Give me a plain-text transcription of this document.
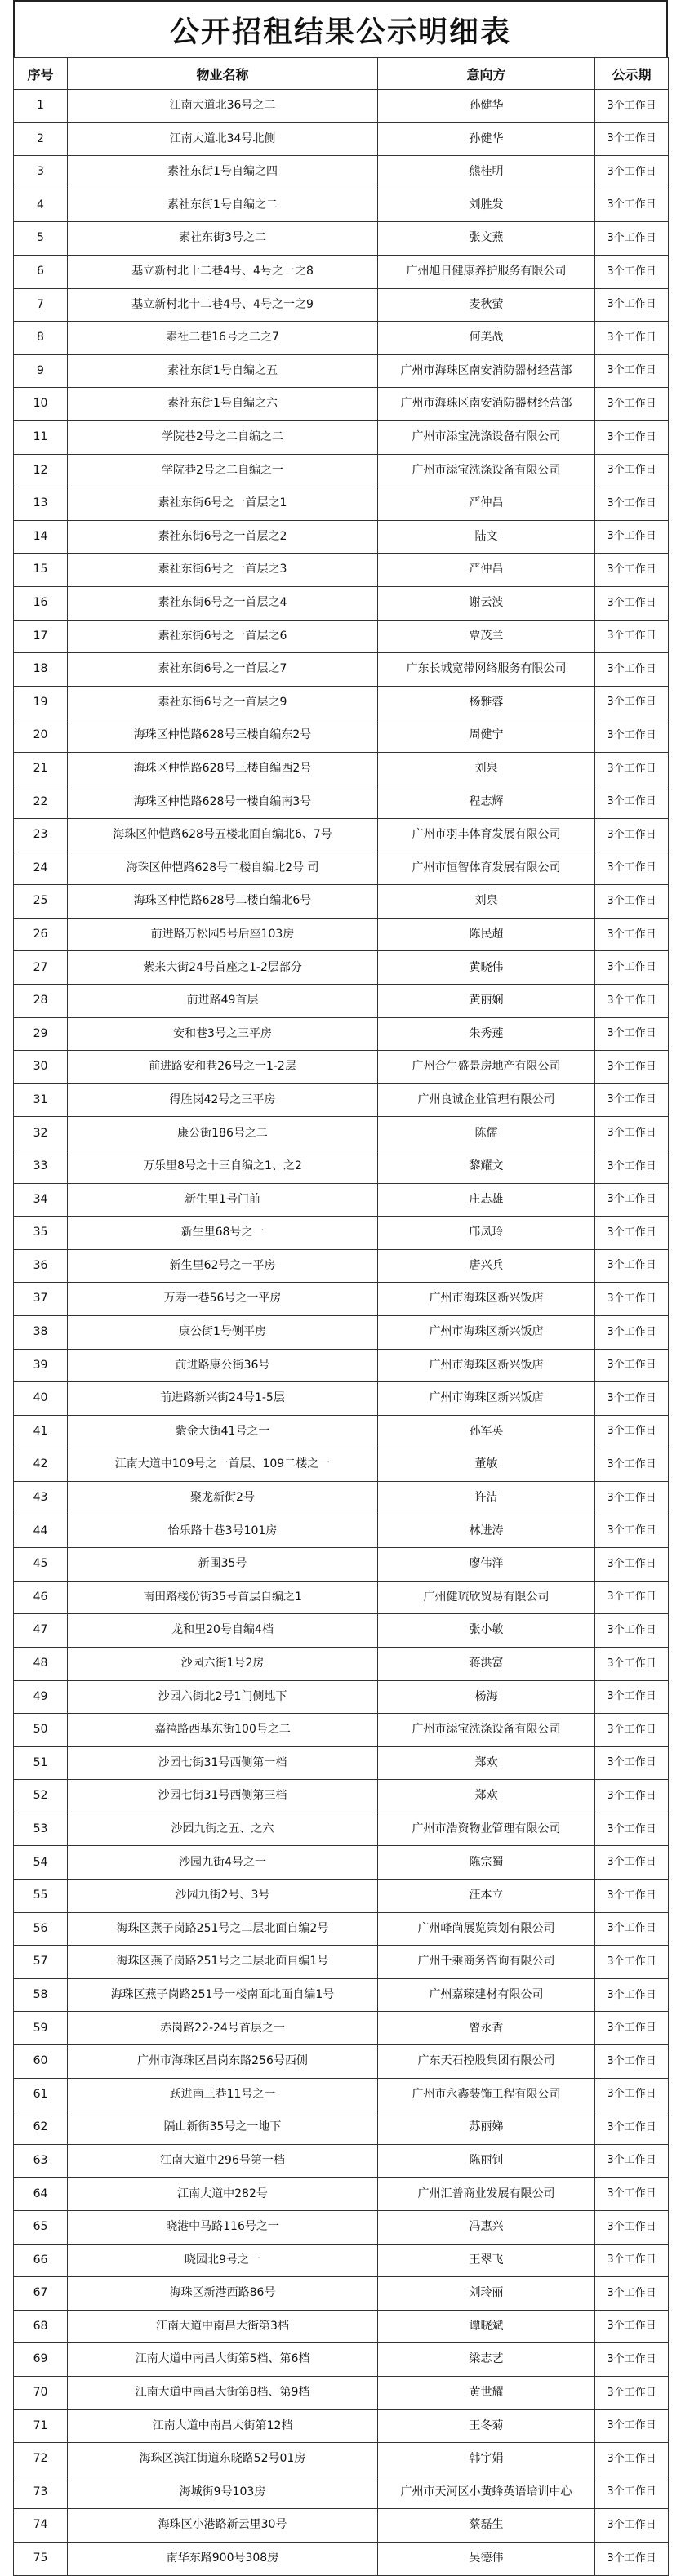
公开招租结果公示明细表
序号	物业名称	意向方	公示期
1	江南大道北36号之二	孙健华	3个工作日
2	江南大道北34号北侧	孙健华	3个工作日
3	素社东街1号自编之四	熊桂明	3个工作日
4	素社东街1号自编之二	刘胜发	3个工作日
5	素社东街3号之二	张文燕	3个工作日
6	基立新村北十二巷4号、4号之一之8	广州旭日健康养护服务有限公司	3个工作日
7	基立新村北十二巷4号、4号之一之9	麦秋萤	3个工作日
8	素社二巷16号之二之7	何美战	3个工作日
9	素社东街1号自编之五	广州市海珠区南安消防器材经营部	3个工作日
10	素社东街1号自编之六	广州市海珠区南安消防器材经营部	3个工作日
11	学院巷2号之二自编之二	广州市添宝洗涤设备有限公司	3个工作日
12	学院巷2号之二自编之一	广州市添宝洗涤设备有限公司	3个工作日
13	素社东街6号之一首层之1	严仲昌	3个工作日
14	素社东街6号之一首层之2	陆文	3个工作日
15	素社东街6号之一首层之3	严仲昌	3个工作日
16	素社东街6号之一首层之4	谢云波	3个工作日
17	素社东街6号之一首层之6	覃茂兰	3个工作日
18	素社东街6号之一首层之7	广东长城宽带网络服务有限公司	3个工作日
19	素社东街6号之一首层之9	杨雅蓉	3个工作日
20	海珠区仲恺路628号三楼自编东2号	周健宁	3个工作日
21	海珠区仲恺路628号三楼自编西2号	刘泉	3个工作日
22	海珠区仲恺路628号一楼自编南3号	程志辉	3个工作日
23	海珠区仲恺路628号五楼北面自编北6、7号	广州市羽丰体育发展有限公司	3个工作日
24	海珠区仲恺路628号二楼自编北2号 司	广州市恒智体育发展有限公司	3个工作日
25	海珠区仲恺路628号二楼自编北6号	刘泉	3个工作日
26	前进路万松园5号后座103房	陈民超	3个工作日
27	紫来大街24号首座之1-2层部分	黄晓伟	3个工作日
28	前进路49首层	黄丽娴	3个工作日
29	安和巷3号之三平房	朱秀莲	3个工作日
30	前进路安和巷26号之一1-2层	广州合生盛景房地产有限公司	3个工作日
31	得胜岗42号之三平房	广州良诚企业管理有限公司	3个工作日
32	康公街186号之二	陈儒	3个工作日
33	万乐里8号之十三自编之1、之2	黎耀文	3个工作日
34	新生里1号门前	庄志雄	3个工作日
35	新生里68号之一	邝凤玲	3个工作日
36	新生里62号之一平房	唐兴兵	3个工作日
37	万寿一巷56号之一平房	广州市海珠区新兴饭店	3个工作日
38	康公街1号侧平房	广州市海珠区新兴饭店	3个工作日
39	前进路康公街36号	广州市海珠区新兴饭店	3个工作日
40	前进路新兴街24号1-5层	广州市海珠区新兴饭店	3个工作日
41	紫金大街41号之一	孙军英	3个工作日
42	江南大道中109号之一首层、109二楼之一	董敏	3个工作日
43	聚龙新街2号	许洁	3个工作日
44	怡乐路十巷3号101房	林进涛	3个工作日
45	新围35号	廖伟洋	3个工作日
46	南田路楼份街35号首层自编之1	广州健琉欣贸易有限公司	3个工作日
47	龙和里20号自编4档	张小敏	3个工作日
48	沙园六街1号2房	蒋洪富	3个工作日
49	沙园六街北2号1门侧地下	杨海	3个工作日
50	嘉禧路西基东街100号之二	广州市添宝洗涤设备有限公司	3个工作日
51	沙园七街31号西侧第一档	郑欢	3个工作日
52	沙园七街31号西侧第三档	郑欢	3个工作日
53	沙园九街之五、之六	广州市浩资物业管理有限公司	3个工作日
54	沙园九街4号之一	陈宗蜀	3个工作日
55	沙园九街2号、3号	汪本立	3个工作日
56	海珠区燕子岗路251号之二层北面自编2号	广州峰尚展览策划有限公司	3个工作日
57	海珠区燕子岗路251号之二层北面自编1号	广州千乘商务咨询有限公司	3个工作日
58	海珠区燕子岗路251号一楼南面北面自编1号	广州嘉臻建材有限公司	3个工作日
59	赤岗路22-24号首层之一	曾永香	3个工作日
60	广州市海珠区昌岗东路256号西侧	广东天石控股集团有限公司	3个工作日
61	跃进南三巷11号之一	广州市永鑫装饰工程有限公司	3个工作日
62	隔山新街35号之一地下	苏丽娣	3个工作日
63	江南大道中296号第一档	陈丽钊	3个工作日
64	江南大道中282号	广州汇普商业发展有限公司	3个工作日
65	晓港中马路116号之一	冯惠兴	3个工作日
66	晓园北9号之一	王翠飞	3个工作日
67	海珠区新港西路86号	刘玲丽	3个工作日
68	江南大道中南昌大街第3档	谭晓斌	3个工作日
69	江南大道中南昌大街第5档、第6档	梁志艺	3个工作日
70	江南大道中南昌大街第8档、第9档	黄世耀	3个工作日
71	江南大道中南昌大街第12档	王冬菊	3个工作日
72	海珠区滨江街道东晓路52号01房	韩宇娟	3个工作日
73	海城街9号103房	广州市天河区小黄蜂英语培训中心	3个工作日
74	海珠区小港路新云里30号	蔡磊生	3个工作日
75	南华东路900号308房	吴德伟	3个工作日
